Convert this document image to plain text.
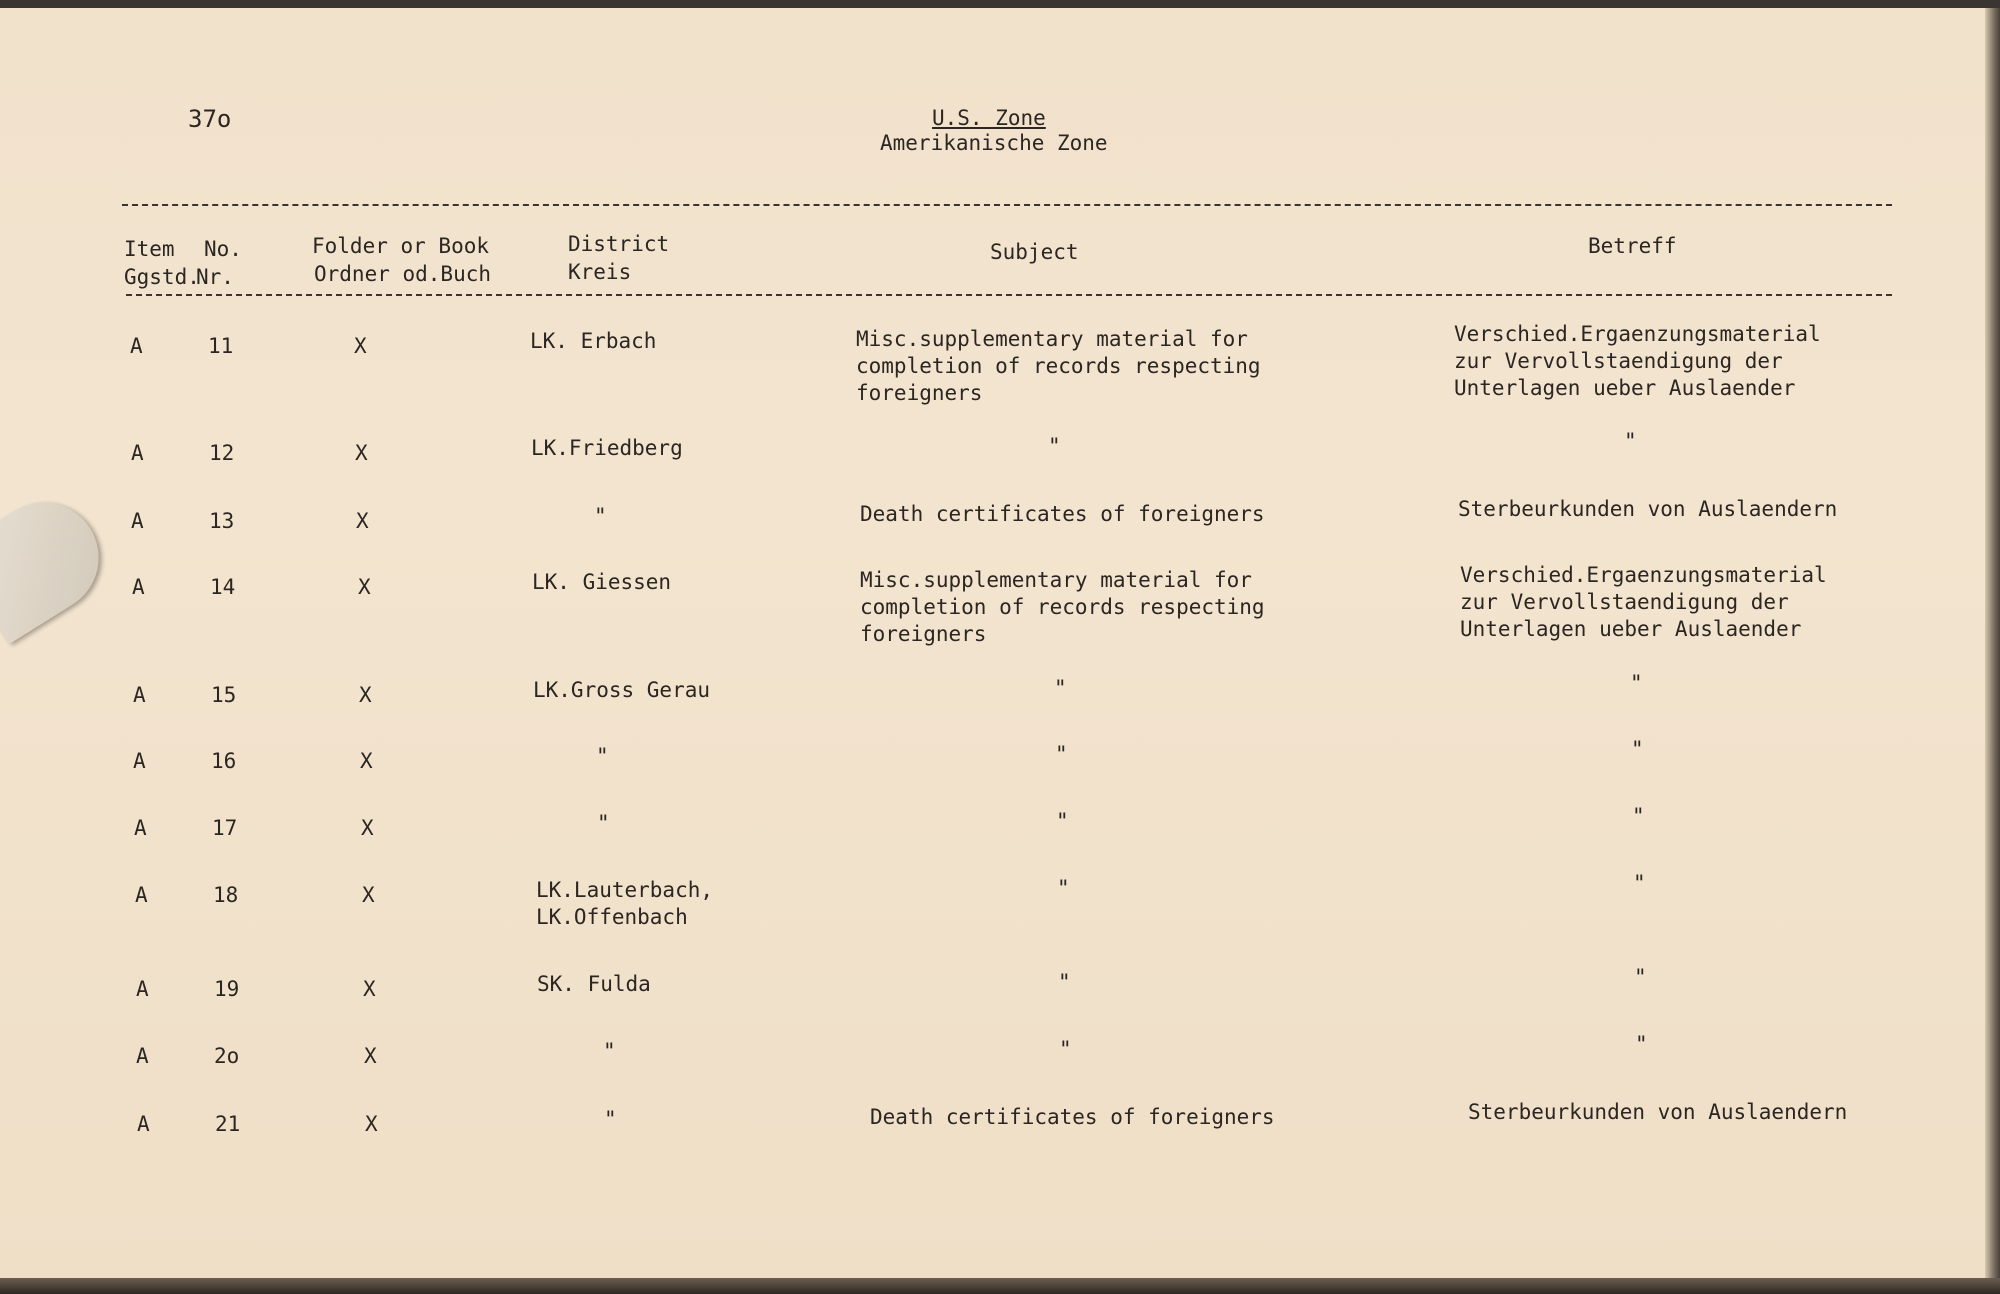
37o	U.S. Zone
Amerikanische Zone
Item
Ggstd.
No.
Nr.
Folder or Book
Ordner od.Buch
District
Kreis
Subject	Betreff
A	11	X	LK. Erbach	Misc.supplementary material for
completion of records respecting
foreigners
Verschied.Ergaenzungsmaterial
zur Vervollstaendigung der
Unterlagen ueber Auslaender
A	12	X	LK.Friedberg	"	"
A	13	X	"	Death certificates of foreigners	Sterbeurkunden von Auslaendern
A	14	X	LK. Giessen	Misc.supplementary material for
completion of records respecting
foreigners
Verschied.Ergaenzungsmaterial
zur Vervollstaendigung der
Unterlagen ueber Auslaender
A	15	X	LK.Gross Gerau	"	"
A	16	X	"	"	"
A	17	X	"	"	"
A	18	X	LK.Lauterbach,
LK.Offenbach
"	"
A	19	X	SK. Fulda	"	"
A	2o	X	"	"	"
A	21	X	"	Death certificates of foreigners	Sterbeurkunden von Auslaendern
